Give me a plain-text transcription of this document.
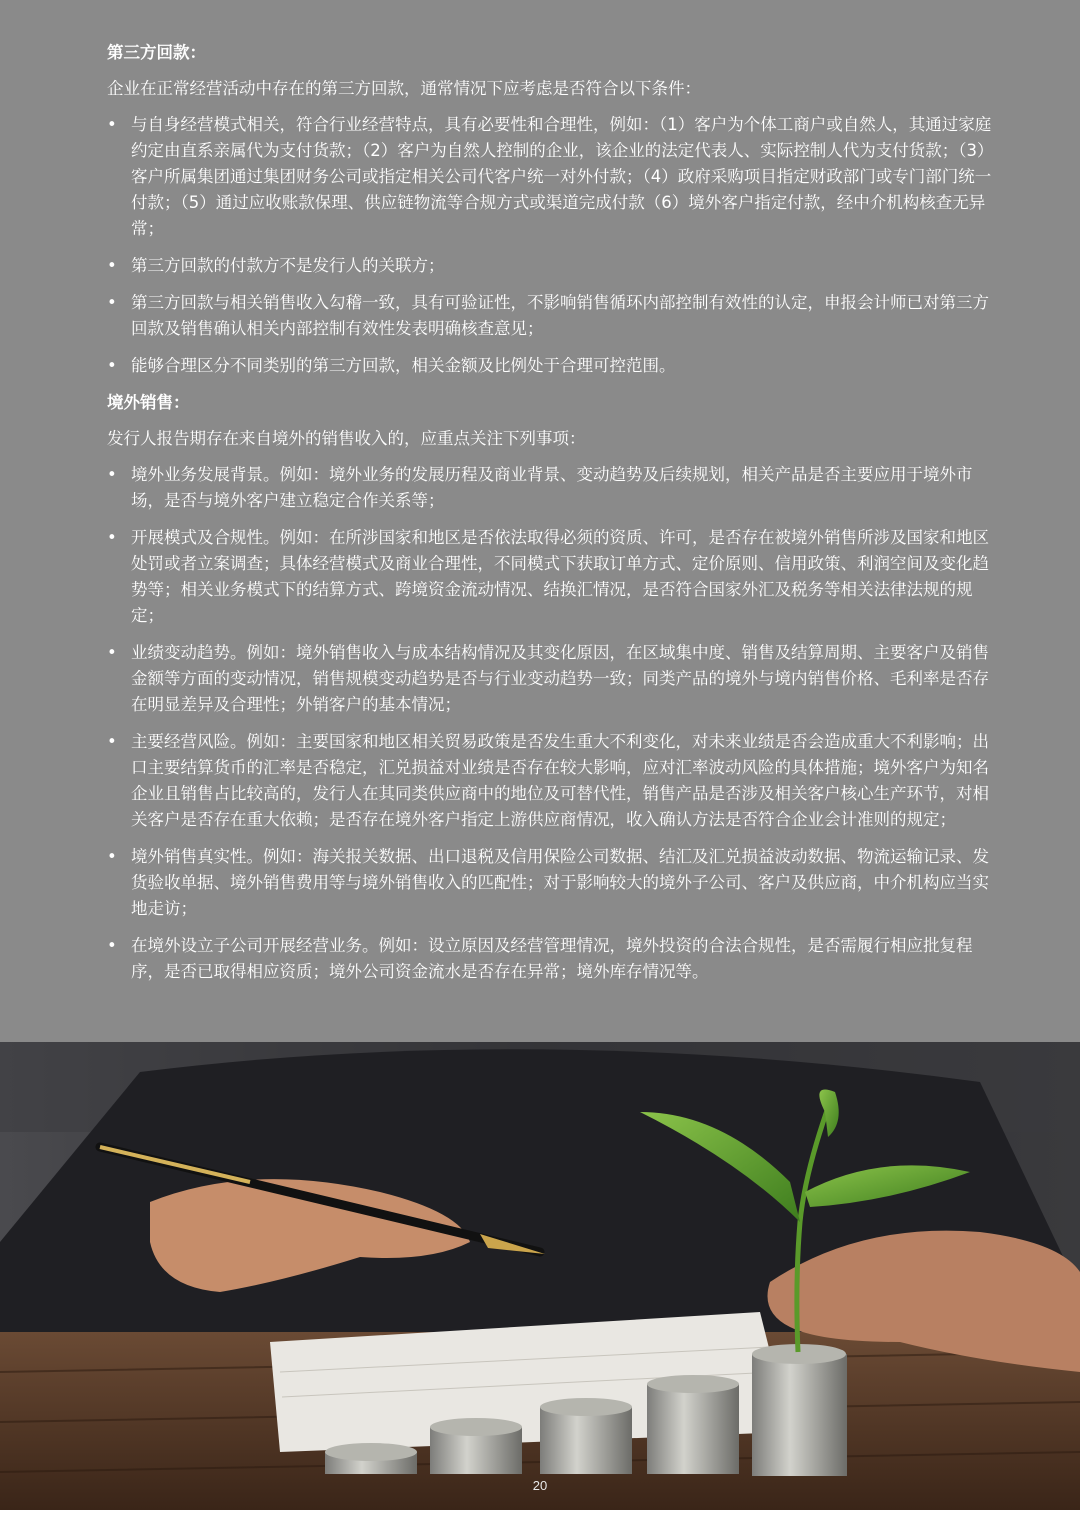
第三方回款：

企业在正常经营活动中存在的第三方回款，通常情况下应考虑是否符合以下条件：

• 与自身经营模式相关，符合行业经营特点，具有必要性和合理性，例如：（1）客户为个体工商户或自然人，其通过家庭约定由直系亲属代为支付货款；（2）客户为自然人控制的企业，该企业的法定代表人、实际控制人代为支付货款；（3）客户所属集团通过集团财务公司或指定相关公司代客户统一对外付款；（4）政府采购项目指定财政部门或专门部门统一付款；（5）通过应收账款保理、供应链物流等合规方式或渠道完成付款（6）境外客户指定付款，经中介机构核查无异常；
• 第三方回款的付款方不是发行人的关联方；
• 第三方回款与相关销售收入勾稽一致，具有可验证性，不影响销售循环内部控制有效性的认定，申报会计师已对第三方回款及销售确认相关内部控制有效性发表明确核查意见；
• 能够合理区分不同类别的第三方回款，相关金额及比例处于合理可控范围。

境外销售：

发行人报告期存在来自境外的销售收入的，应重点关注下列事项：

• 境外业务发展背景。例如：境外业务的发展历程及商业背景、变动趋势及后续规划，相关产品是否主要应用于境外市场，是否与境外客户建立稳定合作关系等；
• 开展模式及合规性。例如：在所涉国家和地区是否依法取得必须的资质、许可，是否存在被境外销售所涉及国家和地区处罚或者立案调查；具体经营模式及商业合理性，不同模式下获取订单方式、定价原则、信用政策、利润空间及变化趋势等；相关业务模式下的结算方式、跨境资金流动情况、结换汇情况，是否符合国家外汇及税务等相关法律法规的规定；
• 业绩变动趋势。例如：境外销售收入与成本结构情况及其变化原因，在区域集中度、销售及结算周期、主要客户及销售金额等方面的变动情况，销售规模变动趋势是否与行业变动趋势一致；同类产品的境外与境内销售价格、毛利率是否存在明显差异及合理性；外销客户的基本情况；
• 主要经营风险。例如：主要国家和地区相关贸易政策是否发生重大不利变化，对未来业绩是否会造成重大不利影响；出口主要结算货币的汇率是否稳定，汇兑损益对业绩是否存在较大影响，应对汇率波动风险的具体措施；境外客户为知名企业且销售占比较高的，发行人在其同类供应商中的地位及可替代性，销售产品是否涉及相关客户核心生产环节，对相关客户是否存在重大依赖；是否存在境外客户指定上游供应商情况，收入确认方法是否符合企业会计准则的规定；
• 境外销售真实性。例如：海关报关数据、出口退税及信用保险公司数据、结汇及汇兑损益波动数据、物流运输记录、发货验收单据、境外销售费用等与境外销售收入的匹配性；对于影响较大的境外子公司、客户及供应商，中介机构应当实地走访；
• 在境外设立子公司开展经营业务。例如：设立原因及经营管理情况，境外投资的合法合规性，是否需履行相应批复程序，是否已取得相应资质；境外公司资金流水是否存在异常；境外库存情况等。
20
